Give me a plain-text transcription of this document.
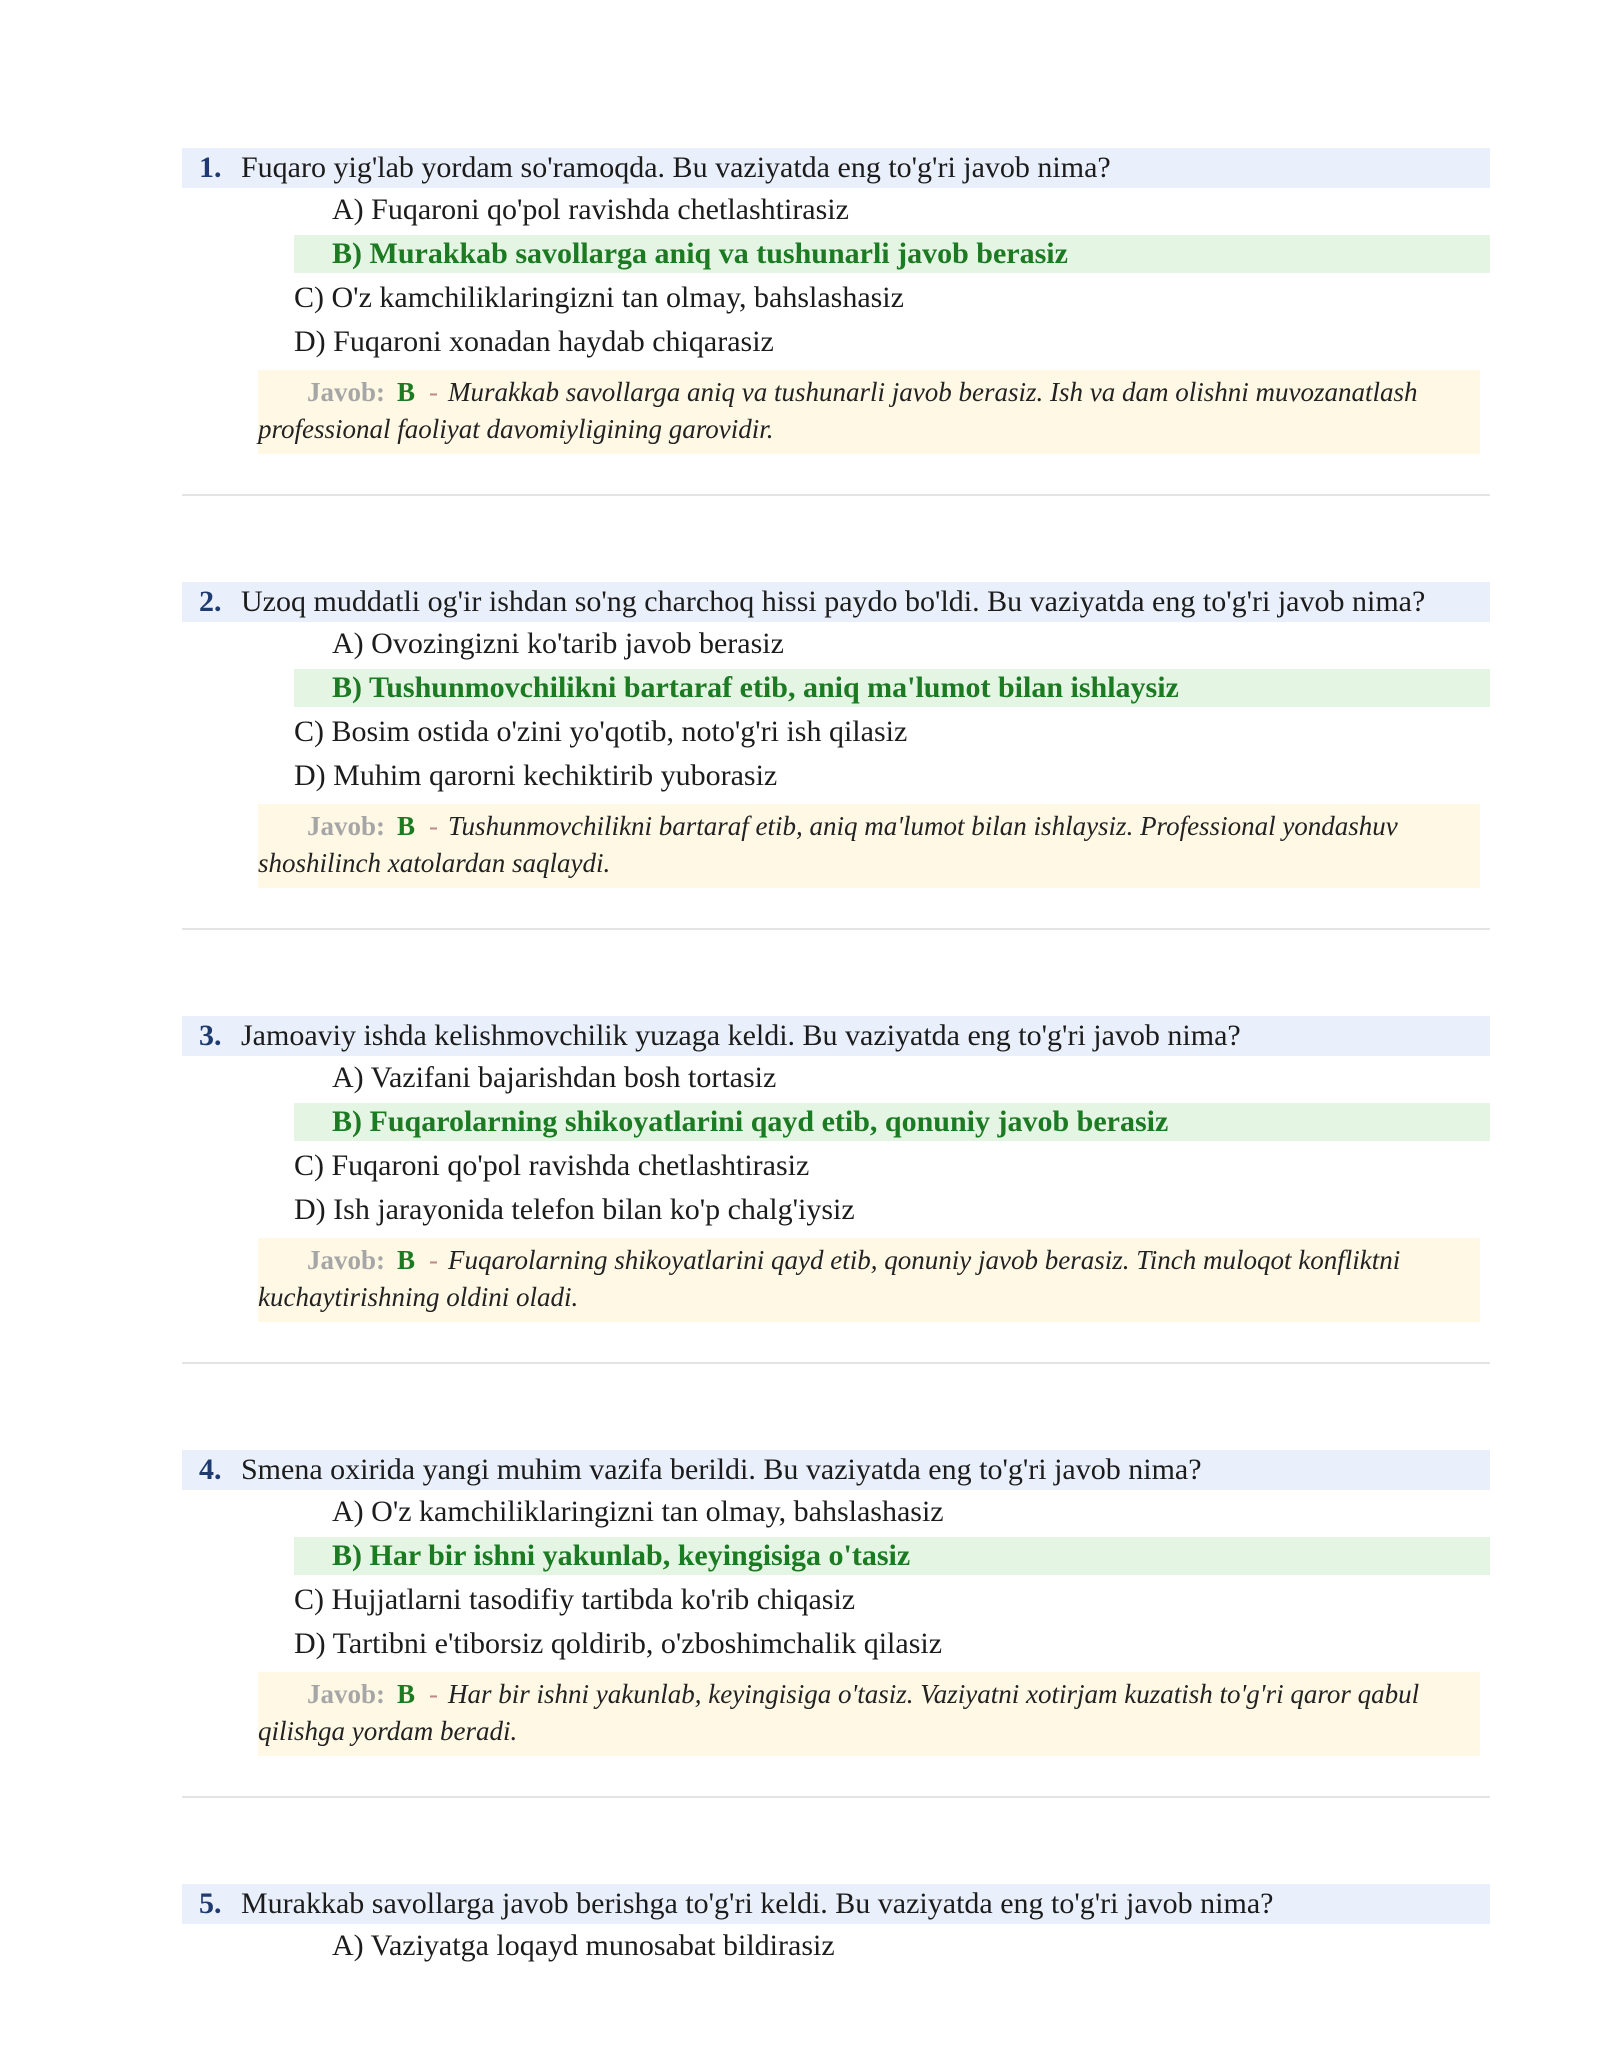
1. Fuqaro yig'lab yordam so'ramoqda. Bu vaziyatda eng to'g'ri javob nima?
A) Fuqaroni qo'pol ravishda chetlashtirasiz
B) Murakkab savollarga aniq va tushunarli javob berasiz
C) O'z kamchiliklaringizni tan olmay, bahslashasiz
D) Fuqaroni xonadan haydab chiqarasiz
Javob: B - Murakkab savollarga aniq va tushunarli javob berasiz. Ish va dam olishni muvozanatlash professional faoliyat davomiyligining garovidir.
2. Uzoq muddatli og'ir ishdan so'ng charchoq hissi paydo bo'ldi. Bu vaziyatda eng to'g'ri javob nima?
A) Ovozingizni ko'tarib javob berasiz
B) Tushunmovchilikni bartaraf etib, aniq ma'lumot bilan ishlaysiz
C) Bosim ostida o'zini yo'qotib, noto'g'ri ish qilasiz
D) Muhim qarorni kechiktirib yuborasiz
Javob: B - Tushunmovchilikni bartaraf etib, aniq ma'lumot bilan ishlaysiz. Professional yondashuv shoshilinch xatolardan saqlaydi.
3. Jamoaviy ishda kelishmovchilik yuzaga keldi. Bu vaziyatda eng to'g'ri javob nima?
A) Vazifani bajarishdan bosh tortasiz
B) Fuqarolarning shikoyatlarini qayd etib, qonuniy javob berasiz
C) Fuqaroni qo'pol ravishda chetlashtirasiz
D) Ish jarayonida telefon bilan ko'p chalg'iysiz
Javob: B - Fuqarolarning shikoyatlarini qayd etib, qonuniy javob berasiz. Tinch muloqot konfliktni kuchaytirishning oldini oladi.
4. Smena oxirida yangi muhim vazifa berildi. Bu vaziyatda eng to'g'ri javob nima?
A) O'z kamchiliklaringizni tan olmay, bahslashasiz
B) Har bir ishni yakunlab, keyingisiga o'tasiz
C) Hujjatlarni tasodifiy tartibda ko'rib chiqasiz
D) Tartibni e'tiborsiz qoldirib, o'zboshimchalik qilasiz
Javob: B - Har bir ishni yakunlab, keyingisiga o'tasiz. Vaziyatni xotirjam kuzatish to'g'ri qaror qabul qilishga yordam beradi.
5. Murakkab savollarga javob berishga to'g'ri keldi. Bu vaziyatda eng to'g'ri javob nima?
A) Vaziyatga loqayd munosabat bildirasiz
